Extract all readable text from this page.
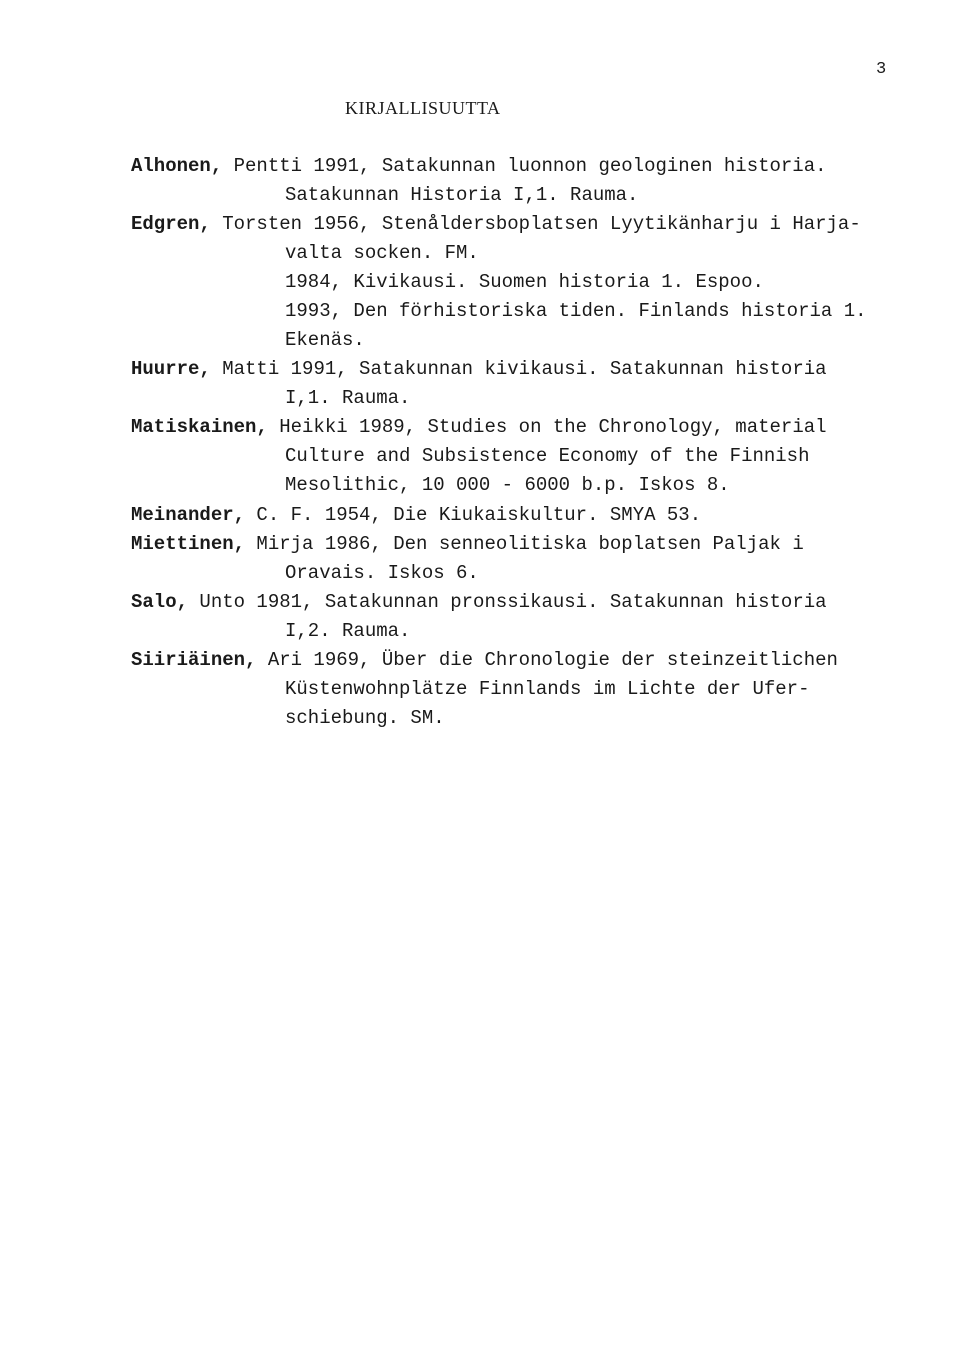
3
KIRJALLISUUTTA
Alhonen, Pentti 1991, Satakunnan luonnon geologinen historia.
Satakunnan Historia I,1. Rauma.
Edgren, Torsten 1956, Stenåldersboplatsen Lyytikänharju i Harja-
valta socken. FM.
1984, Kivikausi. Suomen historia 1. Espoo.
1993, Den förhistoriska tiden. Finlands historia 1.
Ekenäs.
Huurre, Matti 1991, Satakunnan kivikausi. Satakunnan historia
I,1. Rauma.
Matiskainen, Heikki 1989, Studies on the Chronology, material
Culture and Subsistence Economy of the Finnish
Mesolithic, 10 000 - 6000 b.p. Iskos 8.
Meinander, C. F. 1954, Die Kiukaiskultur. SMYA 53.
Miettinen, Mirja 1986, Den senneolitiska boplatsen Paljak i
Oravais. Iskos 6.
Salo, Unto 1981, Satakunnan pronssikausi. Satakunnan historia
I,2. Rauma.
Siiriäinen, Ari 1969, Über die Chronologie der steinzeitlichen
Küstenwohnplätze Finnlands im Lichte der Ufer-
schiebung. SM.
